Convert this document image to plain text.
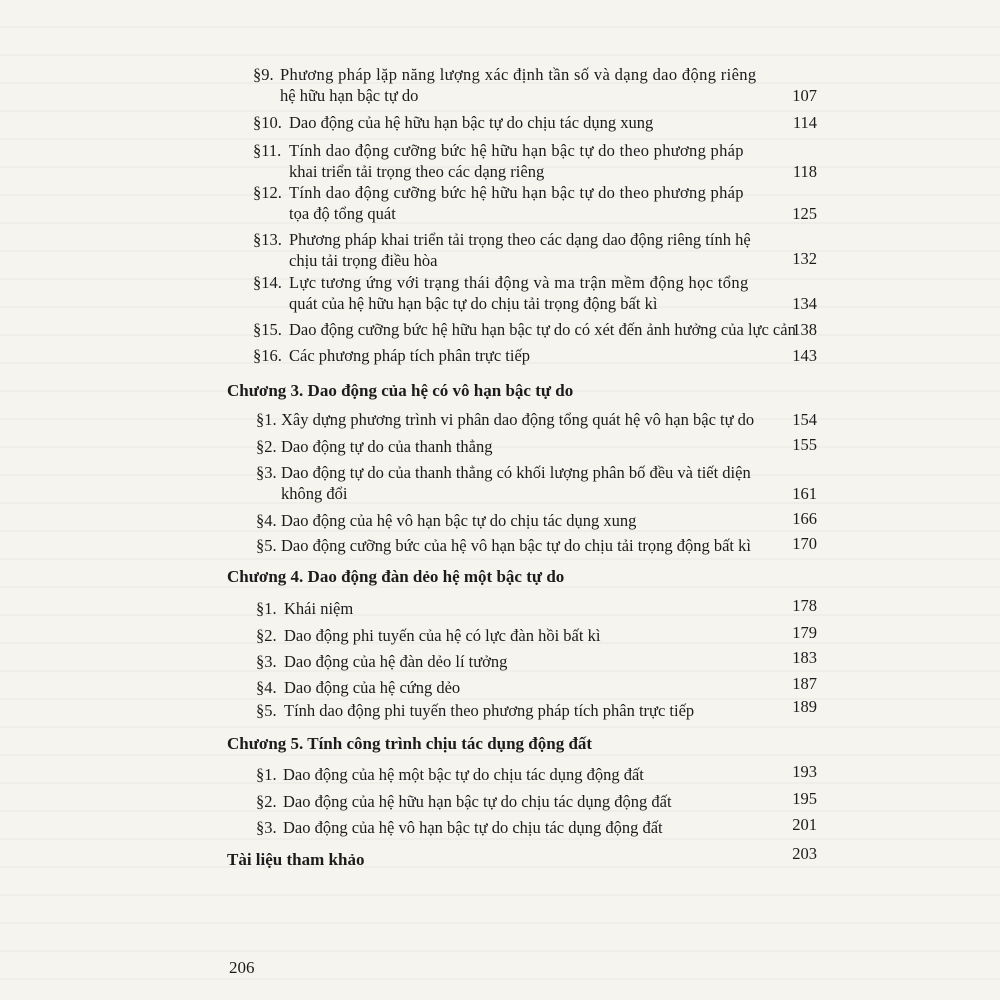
§9. Phương pháp lặp năng lượng xác định tần số và dạng dao động riêng
hệ hữu hạn bậc tự do	107
§10. Dao động của hệ hữu hạn bậc tự do chịu tác dụng xung	114
§11. Tính dao động cưỡng bức hệ hữu hạn bậc tự do theo phương pháp
khai triển tải trọng theo các dạng riêng	118
§12. Tính dao động cưỡng bức hệ hữu hạn bậc tự do theo phương pháp
tọa độ tổng quát	125
§13. Phương pháp khai triển tải trọng theo các dạng dao động riêng tính hệ
chịu tải trọng điều hòa	132
§14. Lực tương ứng với trạng thái động và ma trận mềm động học tổng
quát của hệ hữu hạn bậc tự do chịu tải trọng động bất kì	134
§15. Dao động cưỡng bức hệ hữu hạn bậc tự do có xét đến ảnh hưởng của lực cản
138
§16. Các phương pháp tích phân trực tiếp	143
Chương 3. Dao động của hệ có vô hạn bậc tự do
§1. Xây dựng phương trình vi phân dao động tổng quát hệ vô hạn bậc tự do 154
§2. Dao động tự do của thanh thẳng	155
§3. Dao động tự do của thanh thẳng có khối lượng phân bố đều và tiết diện
không đổi	161
§4. Dao động của hệ vô hạn bậc tự do chịu tác dụng xung	166
§5. Dao động cưỡng bức của hệ vô hạn bậc tự do chịu tải trọng động bất kì	170
Chương 4. Dao động đàn dẻo hệ một bậc tự do
§1. Khái niệm	178
§2. Dao động phi tuyến của hệ có lực đàn hồi bất kì	179
§3. Dao động của hệ đàn dẻo lí tưởng	183
§4. Dao động của hệ cứng dẻo	187
§5. Tính dao động phi tuyến theo phương pháp tích phân trực tiếp	189
Chương 5. Tính công trình chịu tác dụng động đất
§1. Dao động của hệ một bậc tự do chịu tác dụng động đất	193
§2. Dao động của hệ hữu hạn bậc tự do chịu tác dụng động đất	195
§3. Dao động của hệ vô hạn bậc tự do chịu tác dụng động đất	201
Tài liệu tham khảo	203
206
